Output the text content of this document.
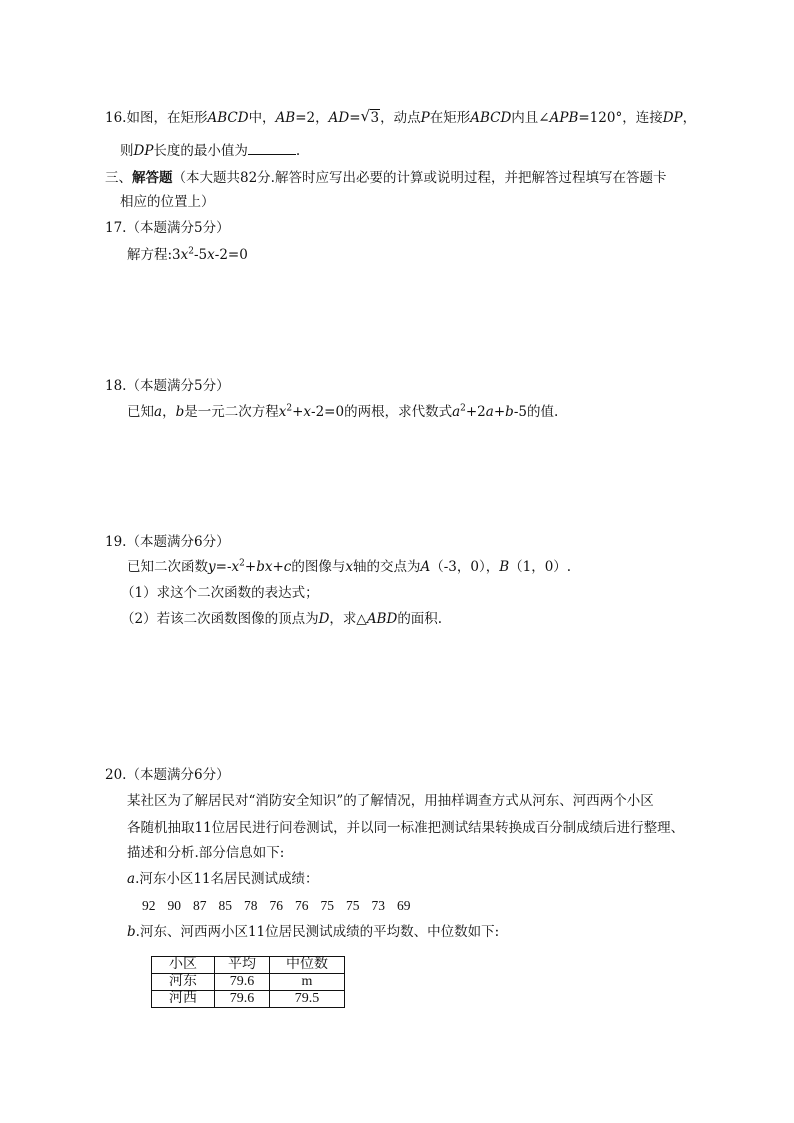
16.如图，在矩形ABCD中，AB=2，AD= √ 3，动点P在矩形ABCD内且∠APB=120°，连接DP，
则DP长度的最小值为	.
三、解答题（本大题共82分.解答时应写出必要的计算或说明过程，并把解答过程填写在答题卡
相应的位置上）
17.（本题满分5分）
解方程$:3x^2-5x-2=0$
18.（本题满分5分）
已知a，b是一元二次方程$x^2+x-2=0$的两根，求代数式$a^2+2a+b-5$的值.
19.（本题满分6分）
已知二次函数$y=-x^2+bx+c$的图像与x轴的交点为A（-3，0），B（1，0）.
（1）求这个二次函数的表达式；
（2）若该二次函数图像的顶点为D，求△ABD的面积.
20.（本题满分6分）
某社区为了解居民对“消防安全知识”的了解情况，用抽样调查方式从河东、河西两个小区
各随机抽取11位居民进行问卷测试，并以同一标准把测试结果转换成百分制成绩后进行整理、
描述和分析.部分信息如下:
a.河东小区11名居民测试成绩：
92 90 87 85 78 76 76 75 75 73 69
b.河东、河西两小区11位居民测试成绩的平均数、中位数如下:
小区	平均	中位数
河东	79.6	m
河西	79.6	79.5
